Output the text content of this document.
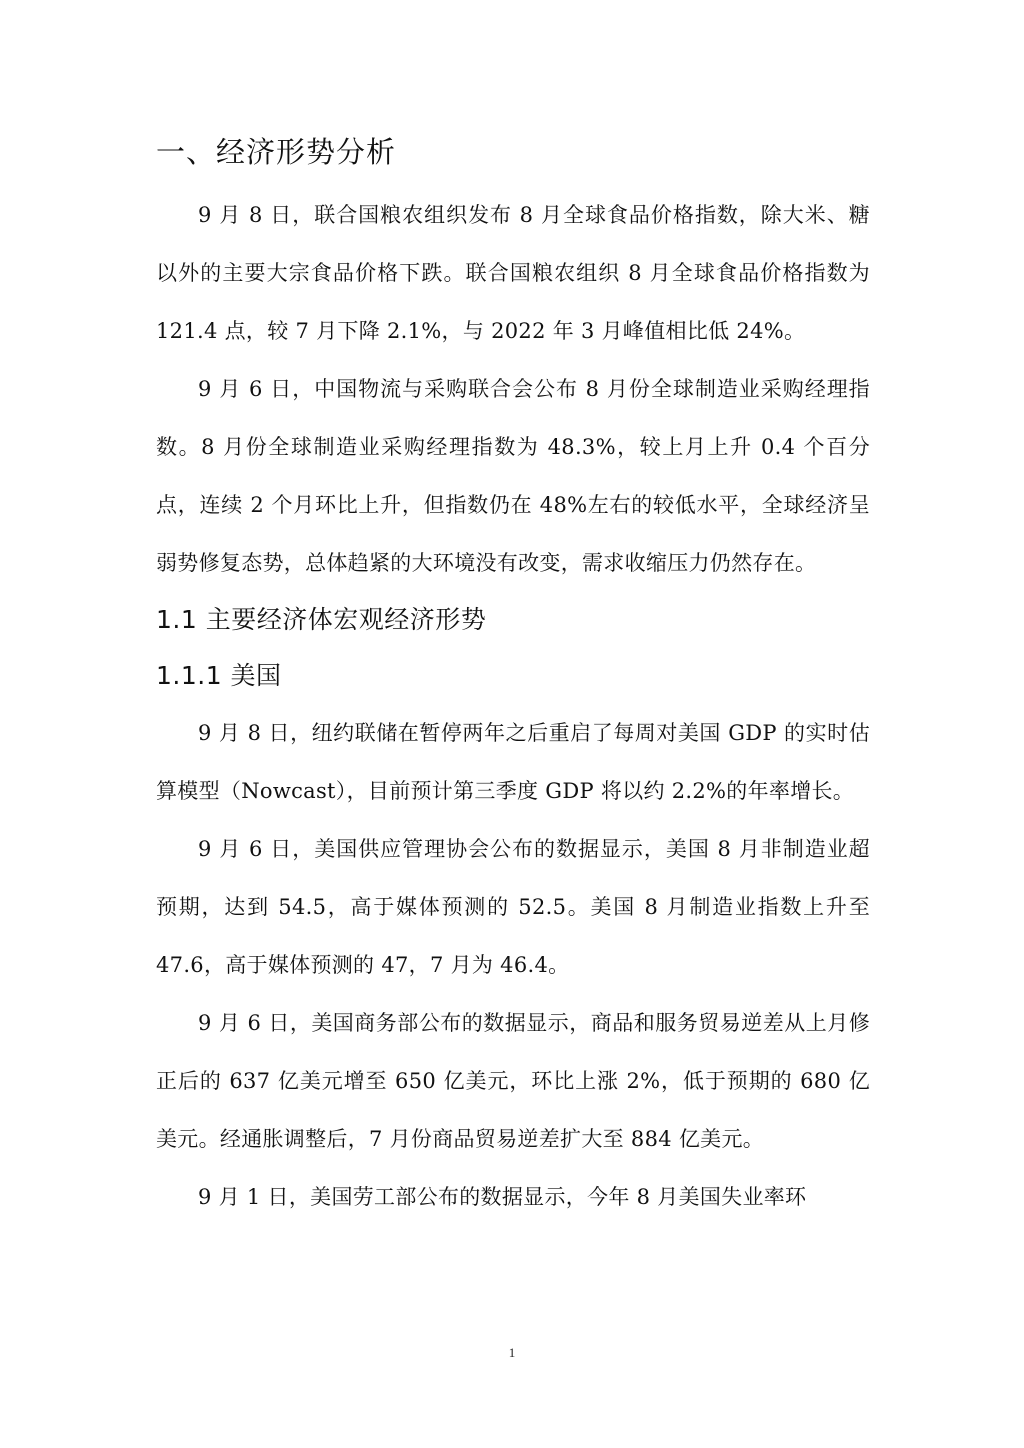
一、经济形势分析

9 月 8 日，联合国粮农组织发布 8 月全球食品价格指数，除大米、糖以外的主要大宗食品价格下跌。联合国粮农组织 8 月全球食品价格指数为 121.4 点，较 7 月下降 2.1%，与 2022 年 3 月峰值相比低 24%。

9 月 6 日，中国物流与采购联合会公布 8 月份全球制造业采购经理指数。8 月份全球制造业采购经理指数为 48.3%，较上月上升 0.4 个百分点，连续 2 个月环比上升，但指数仍在 48%左右的较低水平，全球经济呈弱势修复态势，总体趋紧的大环境没有改变，需求收缩压力仍然存在。

1.1 主要经济体宏观经济形势
1.1.1 美国

9 月 8 日，纽约联储在暂停两年之后重启了每周对美国 GDP 的实时估算模型（Nowcast），目前预计第三季度 GDP 将以约 2.2%的年率增长。

9 月 6 日，美国供应管理协会公布的数据显示，美国 8 月非制造业超预期，达到 54.5，高于媒体预测的 52.5。美国 8 月制造业指数上升至 47.6，高于媒体预测的 47，7 月为 46.4。

9 月 6 日，美国商务部公布的数据显示，商品和服务贸易逆差从上月修正后的 637 亿美元增至 650 亿美元，环比上涨 2%，低于预期的 680 亿美元。经通胀调整后，7 月份商品贸易逆差扩大至 884 亿美元。

9 月 1 日，美国劳工部公布的数据显示，今年 8 月美国失业率环

1
